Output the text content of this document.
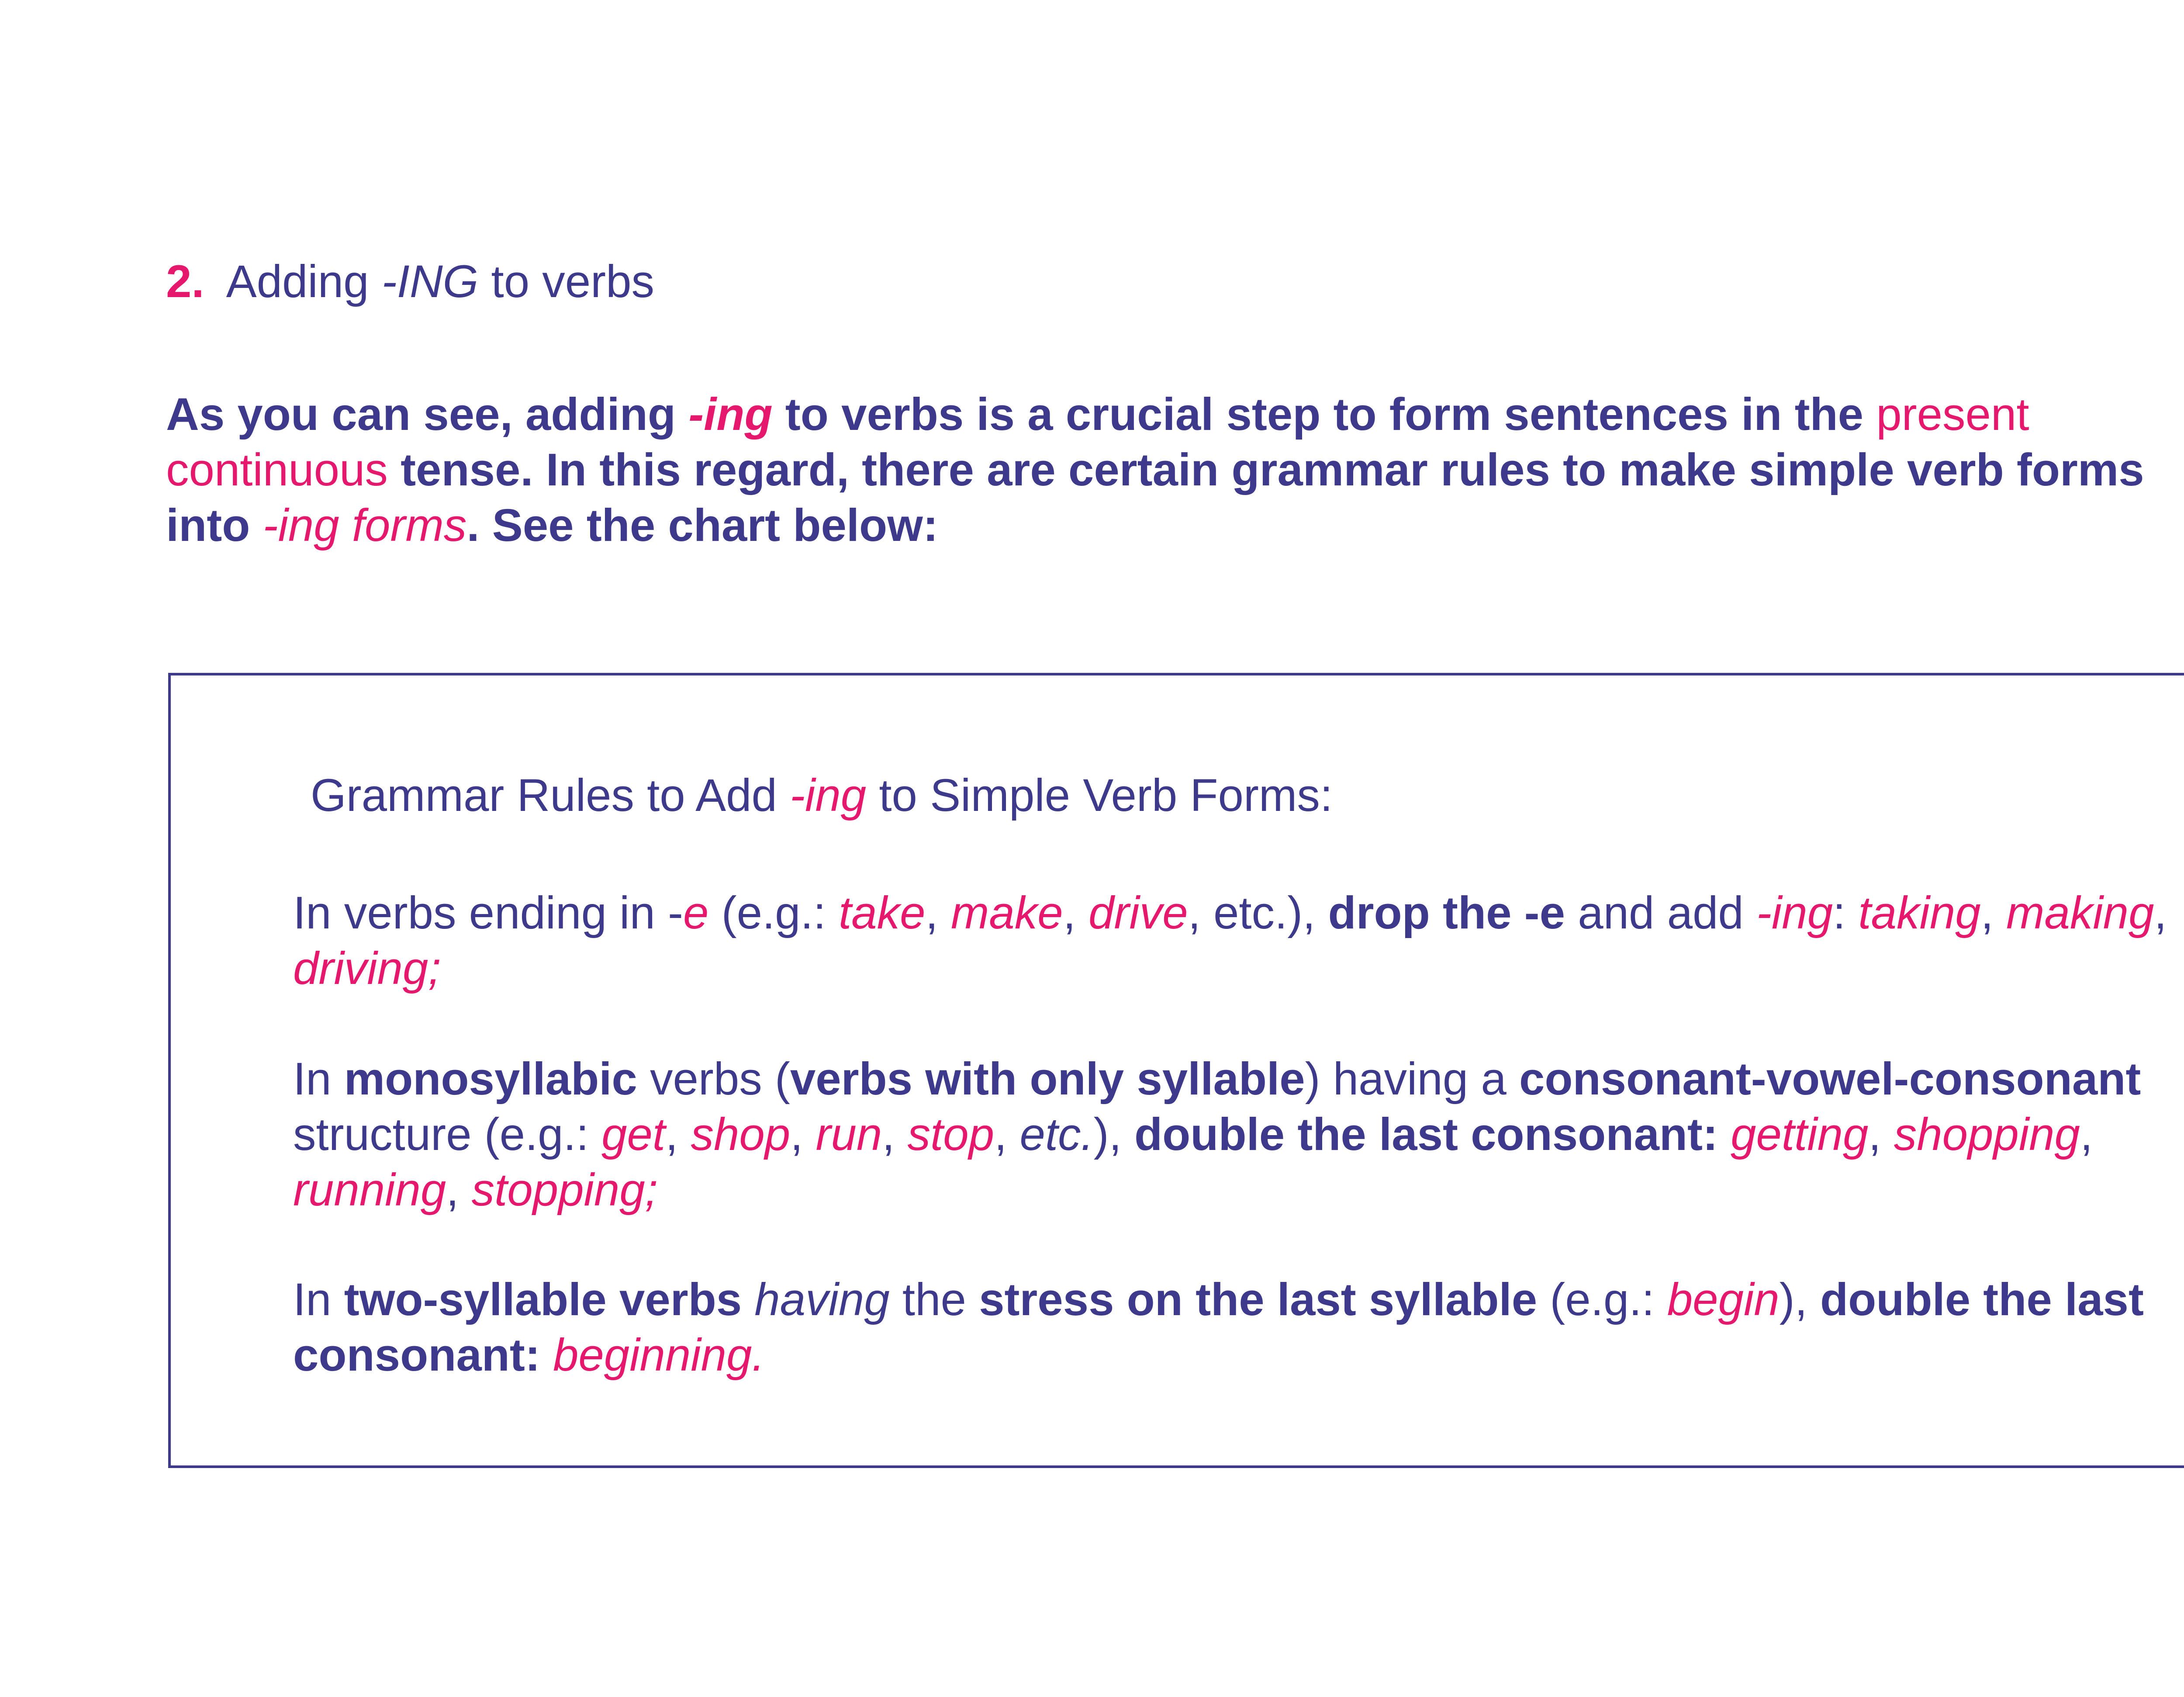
2. Adding -ING to verbs
As you can see, adding -ing to verbs is a crucial step to form sentences in the present continuous tense. In this regard, there are certain grammar rules to make simple verb forms into -ing forms. See the chart below:
Grammar Rules to Add -ing to Simple Verb Forms:
In verbs ending in -e (e.g.: take, make, drive, etc.), drop the -e and add -ing: taking, making, driving;
In monosyllabic verbs (verbs with only syllable) having a consonant-vowel-consonant structure (e.g.: get, shop, run, stop, etc.), double the last consonant: getting, shopping, running, stopping;
In two-syllable verbs having the stress on the last syllable (e.g.: begin), double the last consonant: beginning.
